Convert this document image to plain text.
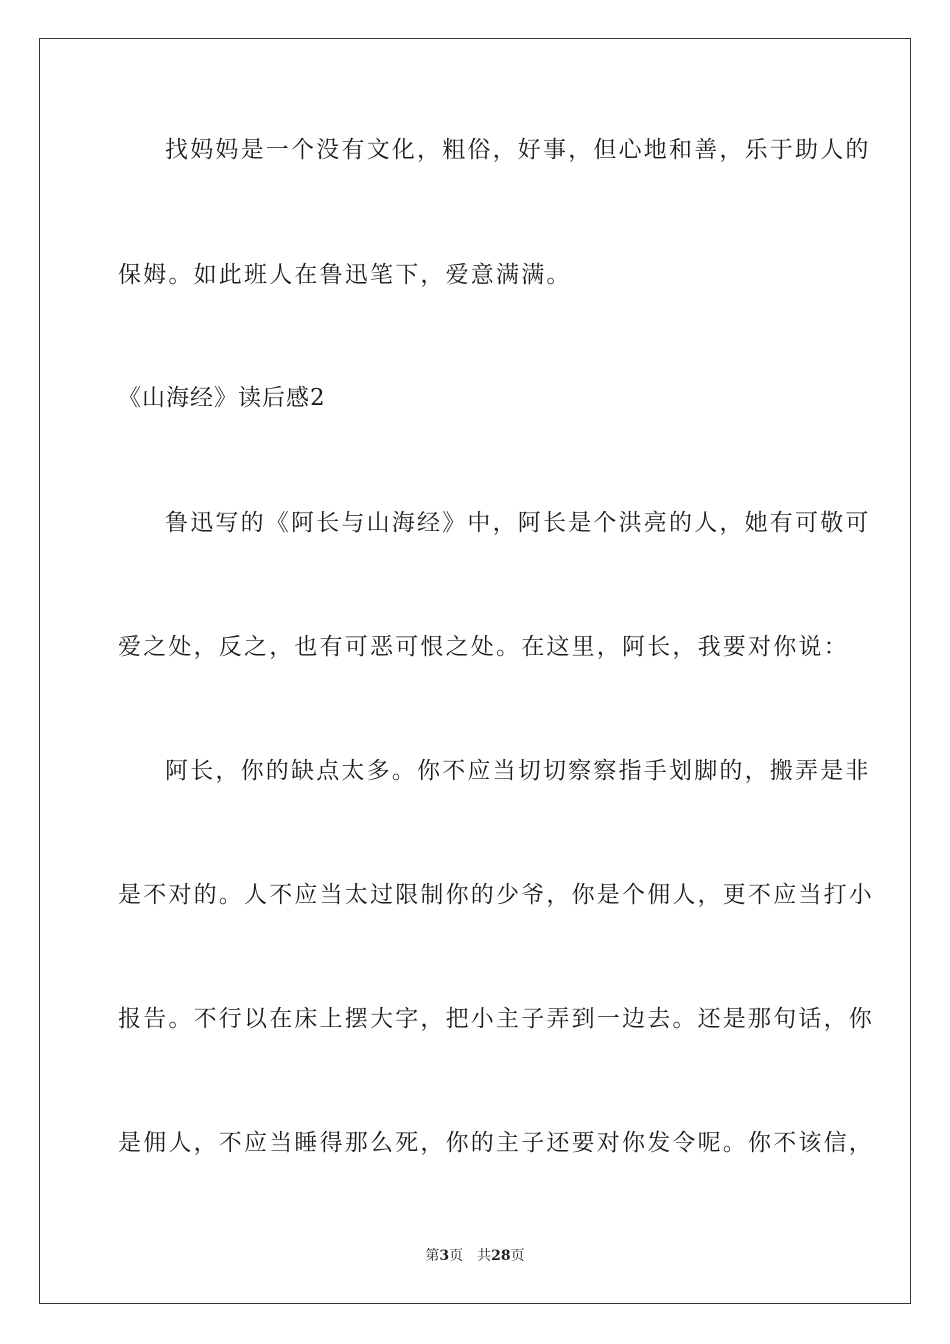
找妈妈是一个没有文化，粗俗，好事，但心地和善，乐于助人的

保姆。如此班人在鲁迅笔下，爱意满满。

《山海经》读后感2

鲁迅写的《阿长与山海经》中，阿长是个洪亮的人，她有可敬可

爱之处，反之，也有可恶可恨之处。在这里，阿长，我要对你说：

阿长，你的缺点太多。你不应当切切察察指手划脚的，搬弄是非

是不对的。人不应当太过限制你的少爷，你是个佣人，更不应当打小

报告。不行以在床上摆大字，把小主子弄到一边去。还是那句话，你

是佣人，不应当睡得那么死，你的主子还要对你发令呢。你不该信，

第3页 共28页
